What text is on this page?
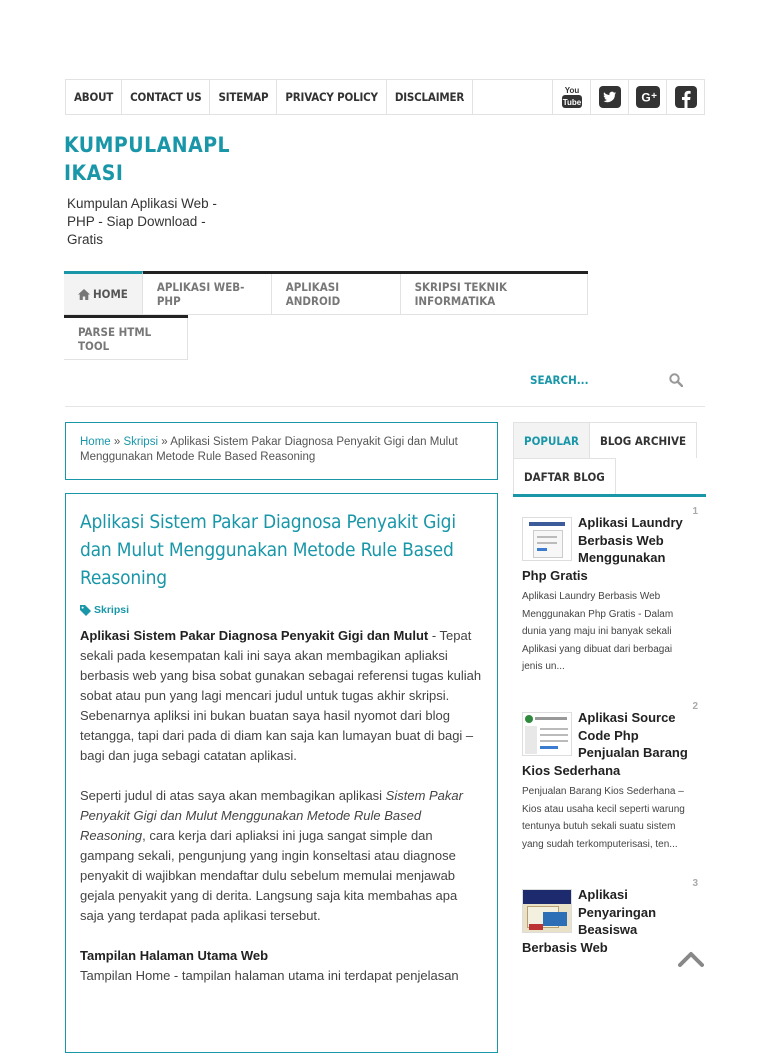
ABOUT	CONTACT US	SITEMAP	PRIVACY POLICY	DISCLAIMER	You
Tube	G +
KUMPULANAPLIKASI
Kumpulan Aplikasi Web - PHP - Siap Download - Gratis
HOME	APLIKASI WEB-PHP
APLIKASI ANDROID
SKRIPSI TEKNIK INFORMATIKA
PARSE HTML TOOL
SEARCH...
Home » Skripsi » Aplikasi Sistem Pakar Diagnosa Penyakit Gigi dan Mulut Menggunakan Metode Rule Based Reasoning
Aplikasi Sistem Pakar Diagnosa Penyakit Gigi dan Mulut Menggunakan Metode Rule Based Reasoning
Skripsi

Aplikasi Sistem Pakar Diagnosa Penyakit Gigi dan Mulut - Tepat sekali pada kesempatan kali ini saya akan membagikan apliaksi berbasis web yang bisa sobat gunakan sebagai referensi tugas kuliah sobat atau pun yang lagi mencari judul untuk tugas akhir skripsi. Sebenarnya apliksi ini bukan buatan saya hasil nyomot dari blog tetangga, tapi dari pada di diam kan saja kan lumayan buat di bagi – bagi dan juga sebagi catatan aplikasi.

Seperti judul di atas saya akan membagikan aplikasi Sistem Pakar Penyakit Gigi dan Mulut Menggunakan Metode Rule Based Reasoning, cara kerja dari apliaksi ini juga sangat simple dan gampang sekali, pengunjung yang ingin konseltasi atau diagnose penyakit di wajibkan mendaftar dulu sebelum memulai menjawab gejala penyakit yang di derita. Langsung saja kita membahas apa saja yang terdapat pada aplikasi tersebut.

Tampilan Halaman Utama Web
Tampilan Home - tampilan halaman utama ini terdapat penjelasan
POPULAR	BLOG ARCHIVE
DAFTAR BLOG
1
Aplikasi Laundry Berbasis Web Menggunakan Php Gratis
Aplikasi Laundry Berbasis Web Menggunakan Php Gratis - Dalam dunia yang maju ini banyak sekali Aplikasi yang dibuat dari berbagai jenis un...
2
Aplikasi Source Code Php Penjualan Barang Kios Sederhana
Penjualan Barang Kios Sederhana – Kios atau usaha kecil seperti warung tentunya butuh sekali suatu sistem yang sudah terkomputerisasi, ten...
3
Aplikasi Penyaringan Beasiswa Berbasis Web
